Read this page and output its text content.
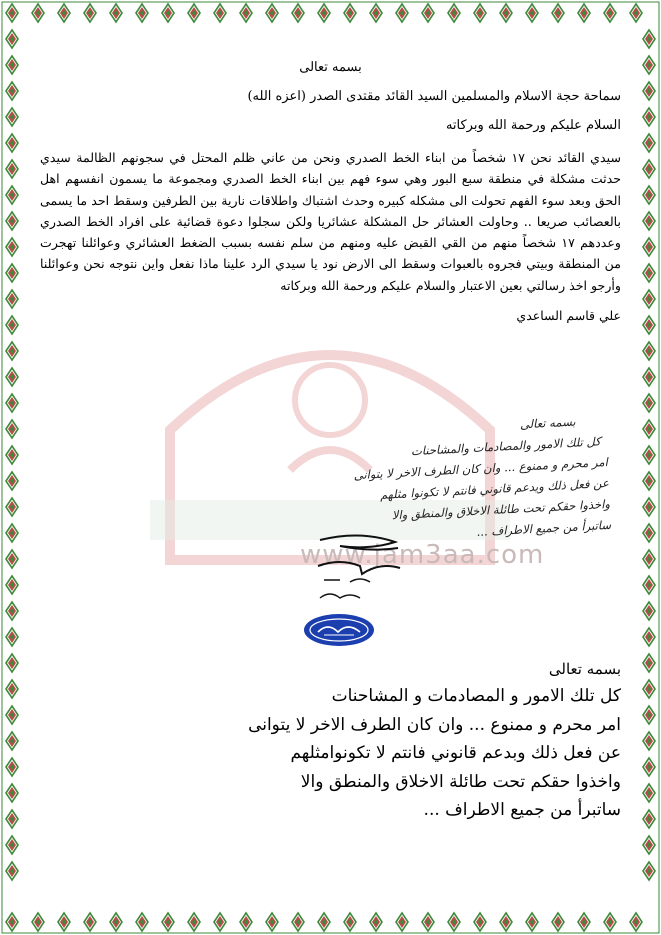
www.jam3aa.com
بسمه تعالى
سماحة حجة الاسلام والمسلمين السيد القائد مقتدى الصدر (اعزه الله)
السلام عليكم ورحمة الله وبركاته
سيدي القائد نحن ١٧ شخصاً من ابناء الخط الصدري ونحن من عاني ظلم المحتل في سجونهم الظالمة سيدي حدثت مشكلة في منطقة سبع البور وهي سوء فهم بين ابناء الخط الصدري ومجموعة ما يسمون انفسهم اهل الحق وبعد سوء الفهم تحولت الى مشكله كبيره وحدث اشتباك واطلاقات نارية بين الطرفين وسقط احد ما يسمى بالعصائب صريعا .. وحاولت العشائر حل المشكلة عشائريا ولكن سجلوا دعوة قضائية على افراد الخط الصدري وعددهم ١٧ شخصاً منهم من القي القبض عليه ومنهم من سلم نفسه بسبب الضغط العشائري وعوائلنا تهجرت من المنطقة وبيتي فجروه بالعبوات وسقط الى الارض نود يا سيدي الرد علينا ماذا نفعل واين نتوجه نحن وعوائلنا وأرجو اخذ رسالتي بعين الاعتبار والسلام عليكم ورحمة الله وبركاته
علي قاسم الساعدي
بسمه تعالى
كل تلك الامور والمصادمات والمشاحنات
امر محرم و ممنوع ... وان كان الطرف الاخر لا يتوانى
عن فعل ذلك ويدعم قانوني فانتم لا تكونوا مثلهم
واخذوا حقكم تحت طائلة الاخلاق والمنطق والا
ساتبرأ من جميع الاطراف ...
بسمه تعالى
كل تلك الامور و المصادمات و المشاحنات
امر محرم و ممنوع ... وان كان الطرف الاخر لا يتوانى
عن فعل ذلك وبدعم قانوني فانتم لا تكونوامثلهم
واخذوا حقكم تحت طائلة الاخلاق والمنطق والا
ساتبرأ من جميع الاطراف ...
